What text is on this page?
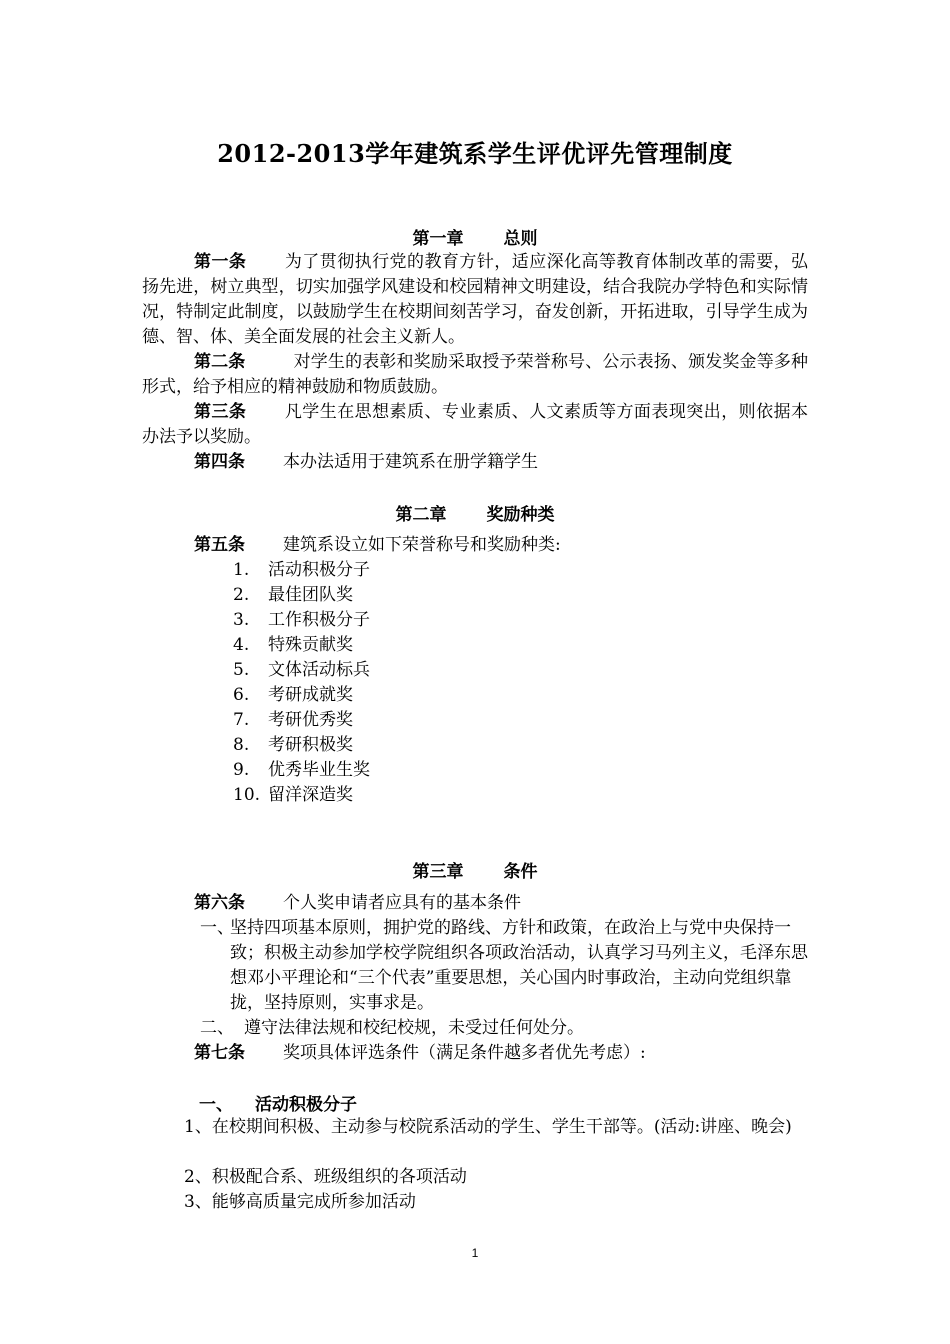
2012-2013学年建筑系学生评优评先管理制度
第一章 总则
第一条 为了贯彻执行党的教育方针，适应深化高等教育体制改革的需要，弘扬先进，树立典型，切实加强学风建设和校园精神文明建设，结合我院办学特色和实际情况，特制定此制度，以鼓励学生在校期间刻苦学习，奋发创新，开拓进取，引导学生成为德、智、体、美全面发展的社会主义新人。
第二条	对学生的表彰和奖励采取授予荣誉称号、公示表扬、颁发奖金等多种形式，给予相应的精神鼓励和物质鼓励。
第三条 凡学生在思想素质、专业素质、人文素质等方面表现突出，则依据本办法予以奖励。
第四条 本办法适用于建筑系在册学籍学生
第二章 奖励种类
第五条 建筑系设立如下荣誉称号和奖励种类:
1. 活动积极分子
2. 最佳团队奖
3. 工作积极分子
4. 特殊贡献奖
5. 文体活动标兵
6. 考研成就奖
7. 考研优秀奖
8. 考研积极奖
9. 优秀毕业生奖
10. 留洋深造奖
第三章 条件
第六条 个人奖申请者应具有的基本条件
一、
坚持四项基本原则，拥护党的路线、方针和政策，在政治上与党中央保持一致；积极主动参加学校学院组织各项政治活动，认真学习马列主义，毛泽东思想邓小平理论和“三个代表”重要思想，关心国内时事政治，主动向党组织靠拢，坚持原则，实事求是。
二、 遵守法律法规和校纪校规，未受过任何处分。
第七条 奖项具体评选条件（满足条件越多者优先考虑）:
一、 活动积极分子
1、在校期间积极、主动参与校院系活动的学生、学生干部等。(活动:讲座、晚会)
2、积极配合系、班级组织的各项活动
3、能够高质量完成所参加活动
1
